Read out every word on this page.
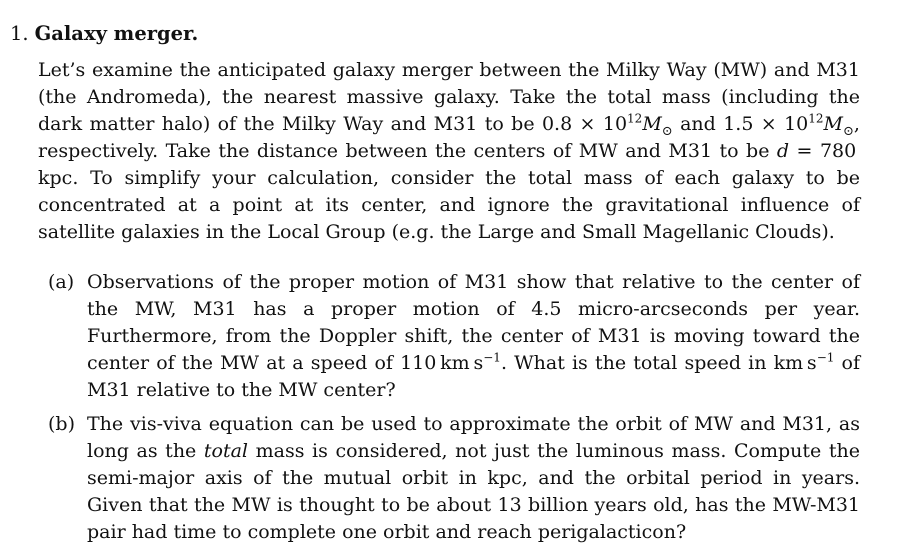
1. Galaxy merger.

Let’s examine the anticipated galaxy merger between the Milky Way (MW) and M31 (the Andromeda), the nearest massive galaxy. Take the total mass (including the dark matter halo) of the Milky Way and M31 to be $0.8 \times 10^{12}M_⊙$ and $1.5 \times 10^{12}M_⊙$, respectively. Take the distance between the centers of MW and M31 to be d = 780 kpc. To simplify your calculation, consider the total mass of each galaxy to be concentrated at a point at its center, and ignore the gravitational influence of satellite galaxies in the Local Group (e.g. the Large and Small Magellanic Clouds).

(a) Observations of the proper motion of M31 show that relative to the center of the MW, M31 has a proper motion of 4.5 micro-arcseconds per year. Furthermore, from the Doppler shift, the center of M31 is moving toward the center of the MW at a speed of 110 km $s^{-1}$. What is the total speed in km $s^{-1}$ of M31 relative to the MW center?
(b) The vis-viva equation can be used to approximate the orbit of MW and M31, as long as the total mass is considered, not just the luminous mass. Compute the semi-major axis of the mutual orbit in kpc, and the orbital period in years. Given that the MW is thought to be about 13 billion years old, has the MW-M31 pair had time to complete one orbit and reach perigalacticon?
